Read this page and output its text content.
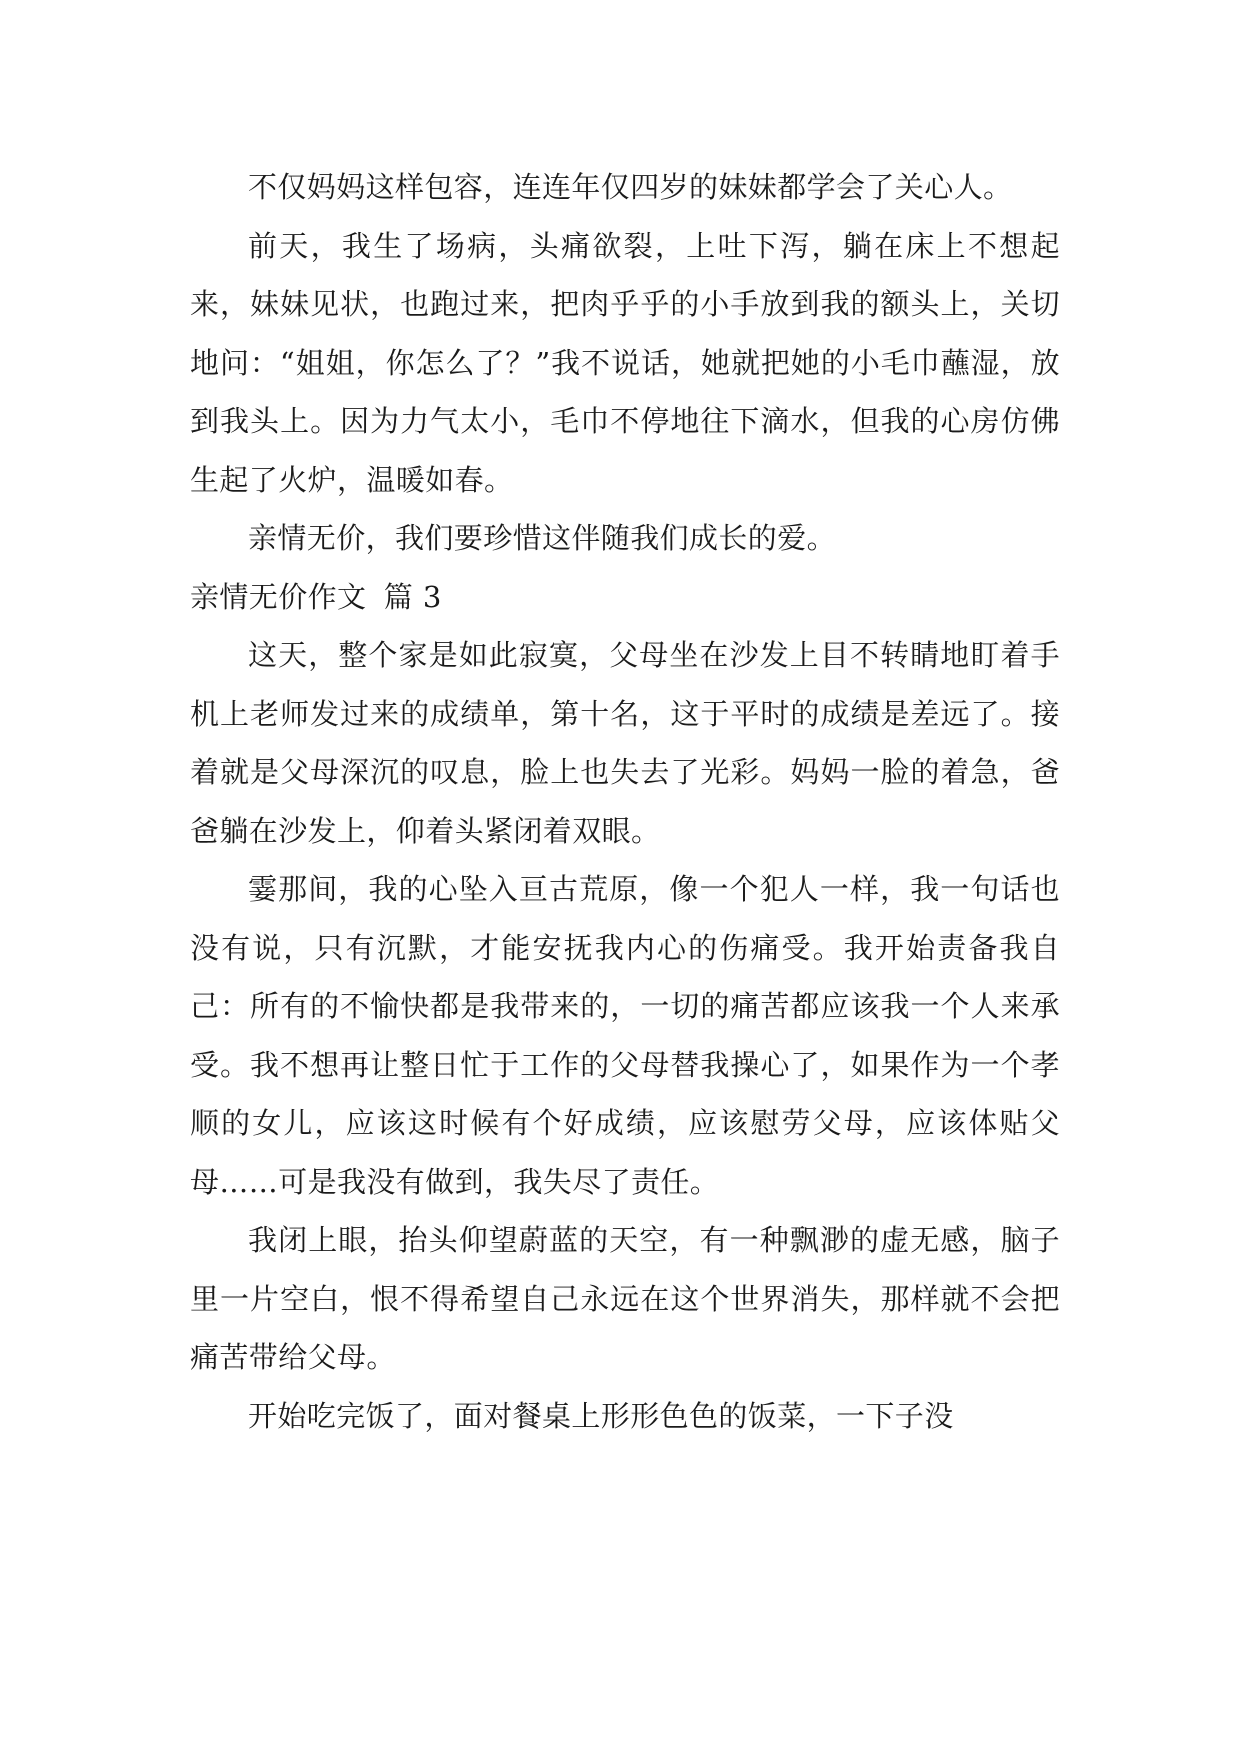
不仅妈妈这样包容，连连年仅四岁的妹妹都学会了关心人。

前天，我生了场病，头痛欲裂，上吐下泻，躺在床上不想起来，妹妹见状，也跑过来，把肉乎乎的小手放到我的额头上，关切地问：“姐姐，你怎么了？”我不说话，她就把她的小毛巾蘸湿，放到我头上。因为力气太小，毛巾不停地往下滴水，但我的心房仿佛生起了火炉，温暖如春。

亲情无价，我们要珍惜这伴随我们成长的爱。

亲情无价作文 篇 3

这天，整个家是如此寂寞，父母坐在沙发上目不转睛地盯着手机上老师发过来的成绩单，第十名，这于平时的成绩是差远了。接着就是父母深沉的叹息，脸上也失去了光彩。妈妈一脸的着急，爸爸躺在沙发上，仰着头紧闭着双眼。

霎那间，我的心坠入亘古荒原，像一个犯人一样，我一句话也没有说，只有沉默，才能安抚我内心的伤痛受。我开始责备我自己：所有的不愉快都是我带来的，一切的痛苦都应该我一个人来承受。我不想再让整日忙于工作的父母替我操心了，如果作为一个孝顺的女儿，应该这时候有个好成绩，应该慰劳父母，应该体贴父母……可是我没有做到，我失尽了责任。

我闭上眼，抬头仰望蔚蓝的天空，有一种飘渺的虚无感，脑子里一片空白，恨不得希望自己永远在这个世界消失，那样就不会把痛苦带给父母。

开始吃完饭了，面对餐桌上形形色色的饭菜，一下子没
